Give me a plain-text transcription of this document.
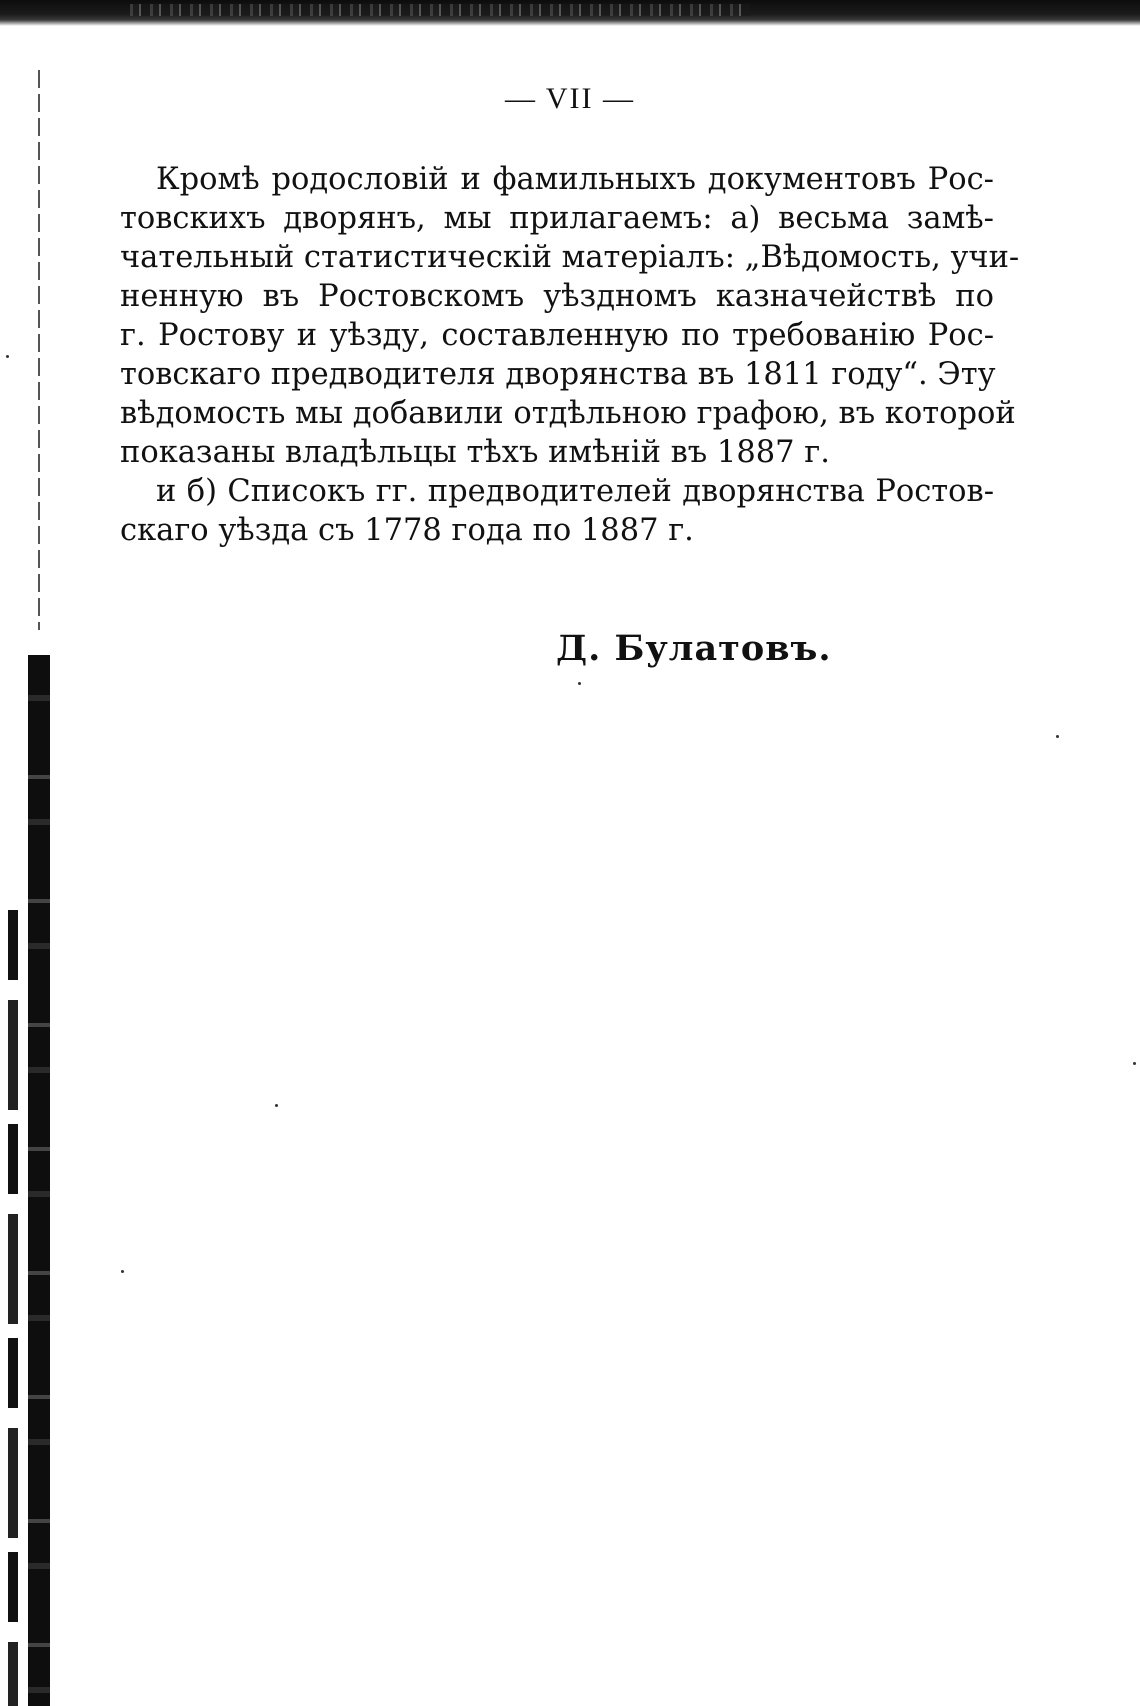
— VII —
Кромѣ родословій и фамильныхъ документовъ Рос-
товскихъ дворянъ, мы прилагаемъ: а) весьма замѣ-
чательный статистическій матеріалъ: „Вѣдомость, учи-
ненную въ Ростовскомъ уѣздномъ казначействѣ по
г. Ростову и уѣзду, составленную по требованію Рос-
товскаго предводителя дворянства въ 1811 году“. Эту
вѣдомость мы добавили отдѣльною графою, въ которой
показаны владѣльцы тѣхъ имѣній въ 1887 г.
и б) Списокъ гг. предводителей дворянства Ростов-
скаго уѣзда съ 1778 года по 1887 г.
Д. Булатовъ.
